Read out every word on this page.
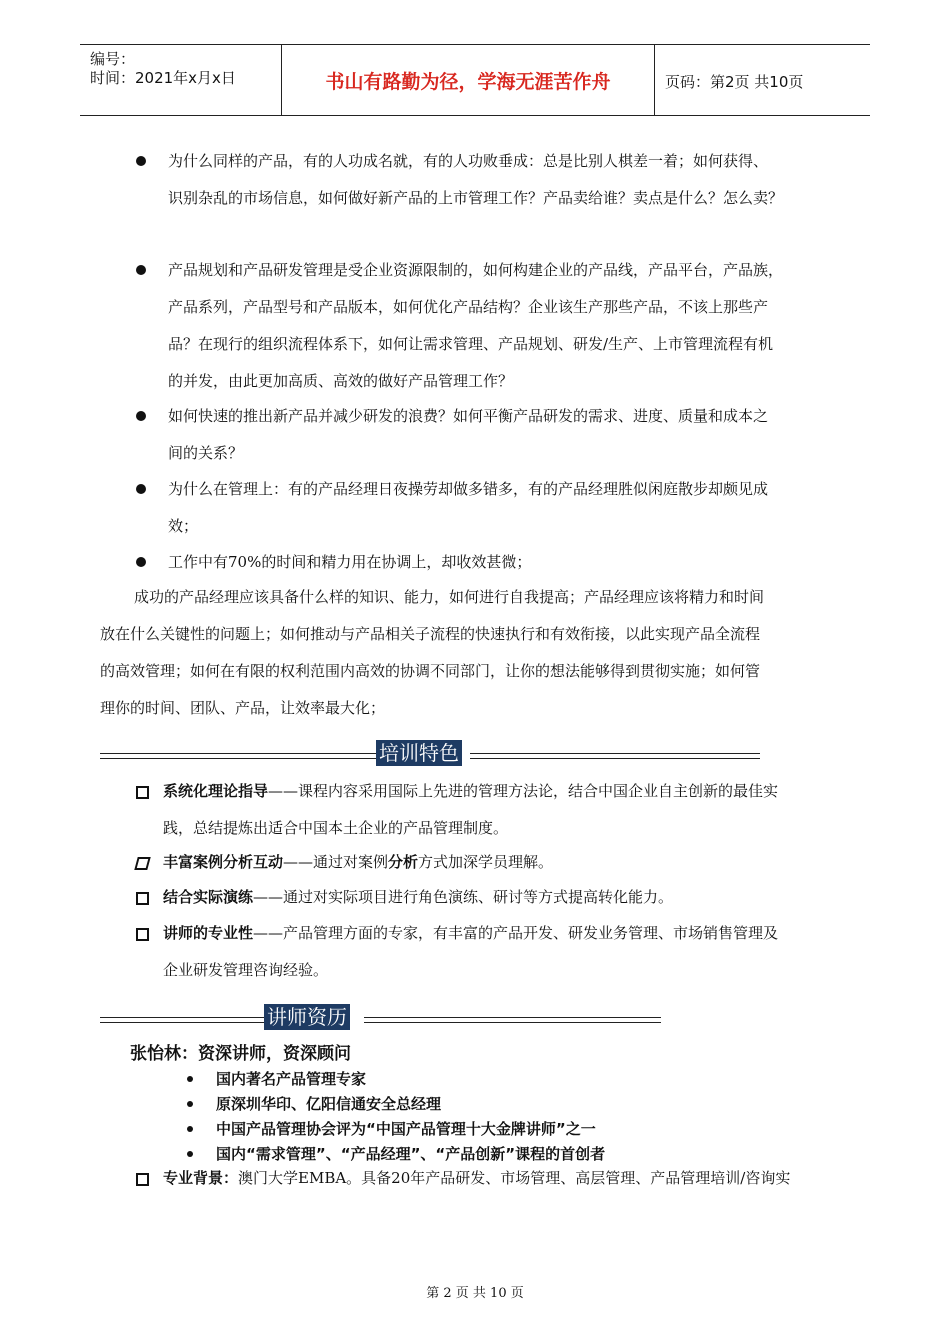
编号：
时间：2021年x月x日	书山有路勤为径，学海无涯苦作舟	页码：第2页 共10页
为什么同样的产品，有的人功成名就，有的人功败垂成：总是比别人棋差一着；如何获得、
识别杂乱的市场信息，如何做好新产品的上市管理工作？产品卖给谁？卖点是什么？怎么卖？
产品规划和产品研发管理是受企业资源限制的，如何构建企业的产品线，产品平台，产品族，
产品系列，产品型号和产品版本，如何优化产品结构？企业该生产那些产品，不该上那些产
品？在现行的组织流程体系下，如何让需求管理、产品规划、研发/生产、上市管理流程有机
的并发，由此更加高质、高效的做好产品管理工作？
如何快速的推出新产品并减少研发的浪费？如何平衡产品研发的需求、进度、质量和成本之
间的关系？
为什么在管理上：有的产品经理日夜操劳却做多错多，有的产品经理胜似闲庭散步却颇见成
效；
工作中有70%的时间和精力用在协调上，却收效甚微；
成功的产品经理应该具备什么样的知识、能力，如何进行自我提高；产品经理应该将精力和时间
放在什么关键性的问题上；如何推动与产品相关子流程的快速执行和有效衔接，以此实现产品全流程
的高效管理；如何在有限的权利范围内高效的协调不同部门，让你的想法能够得到贯彻实施；如何管
理你的时间、团队、产品，让效率最大化；
培训特色
系统化理论指导——课程内容采用国际上先进的管理方法论，结合中国企业自主创新的最佳实
践，总结提炼出适合中国本土企业的产品管理制度。
丰富案例分析互动——通过对案例分析方式加深学员理解。
结合实际演练——通过对实际项目进行角色演练、研讨等方式提高转化能力。
讲师的专业性——产品管理方面的专家，有丰富的产品开发、研发业务管理、市场销售管理及
企业研发管理咨询经验。
讲师资历
张怡林：资深讲师，资深顾问
国内著名产品管理专家
原深圳华印、亿阳信通安全总经理
中国产品管理协会评为“中国产品管理十大金牌讲师”之一
国内“需求管理”、“产品经理”、“产品创新”课程的首创者
专业背景：澳门大学EMBA。具备20年产品研发、市场管理、高层管理、产品管理培训/咨询实
第 2 页 共 10 页
